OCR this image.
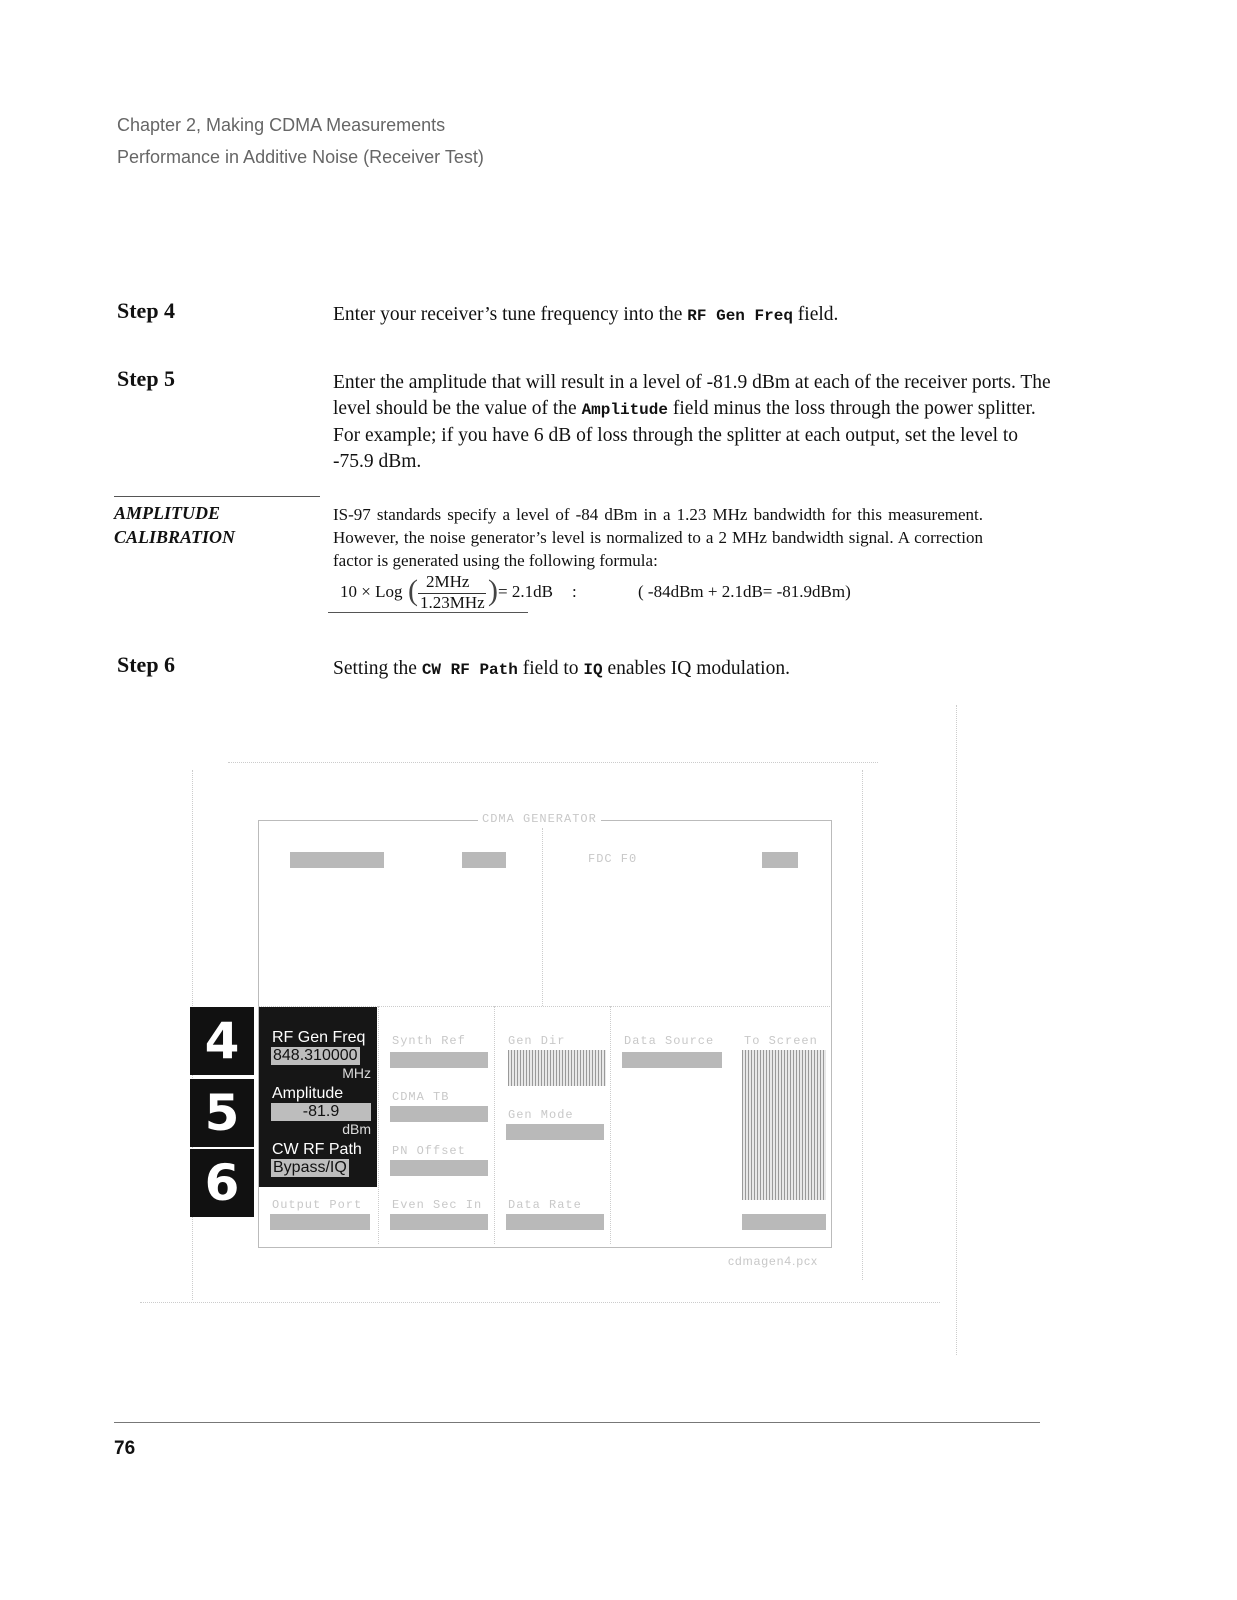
Chapter 2, Making CDMA Measurements
Performance in Additive Noise (Receiver Test)
Step 4	Enter your receiver’s tune frequency into the RF Gen Freq field.
Step 5	Enter the amplitude that will result in a level of -81.9 dBm at each of the receiver ports. The level should be the value of the Amplitude field minus the loss through the power splitter. For example; if you have 6 dB of loss through the splitter at each output, set the level to -75.9 dBm.
AMPLITUDE
CALIBRATION
IS-97 standards specify a level of -84 dBm in a 1.23 MHz bandwidth for this measurement. However, the noise generator’s level is normalized to a 2 MHz bandwidth signal. A correction factor is generated using the following formula:
10 × Log ( 2MHz
1.23MHz ) = 2.1dB :	( -84dBm + 2.1dB= -81.9dBm)
Step 6	Setting the CW RF Path field to IQ enables IQ modulation.
CDMA GENERATOR
FDC F0
4
5
6
RF Gen Freq
848.310000
MHz
Amplitude
-81.9
dBm
CW RF Path
Bypass/IQ
Synth Ref	Gen Dir	Data Source To Screen
CDMA TB
Gen Mode
PN Offset
Output Port Even Sec In Data Rate
cdmagen4.pcx
76
